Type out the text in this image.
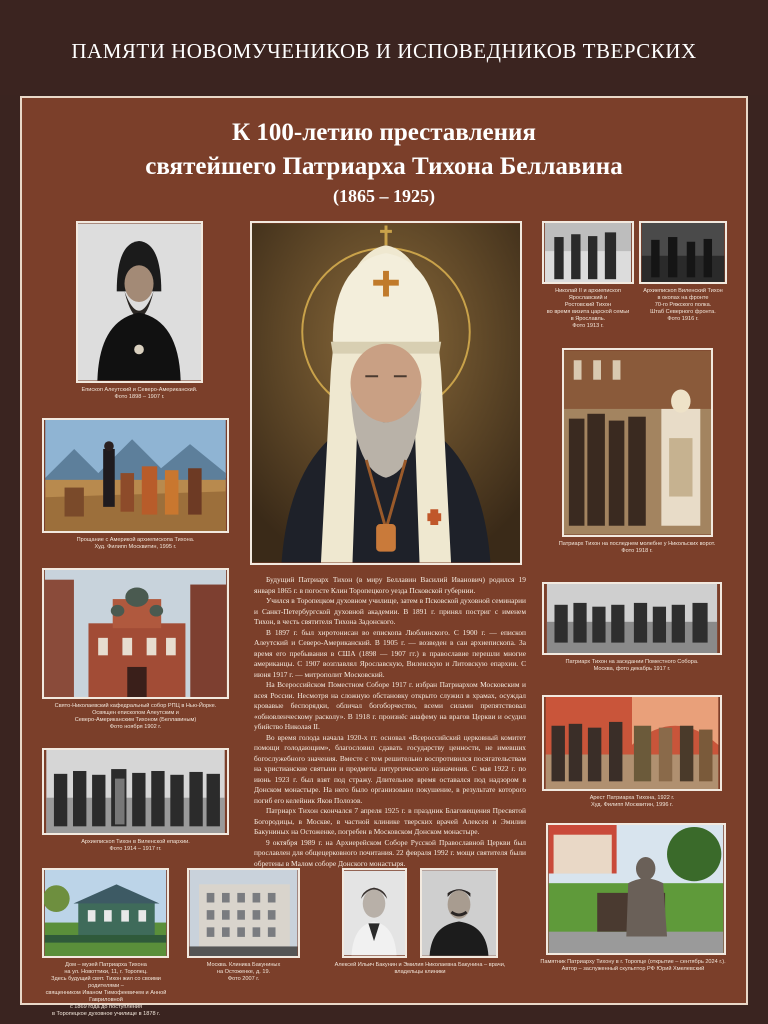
ПАМЯТИ НОВОМУЧЕНИКОВ И ИСПОВЕДНИКОВ ТВЕРСКИХ
К 100-летию преставления
святейшего Патриарха Тихона Беллавина
(1865 – 1925)
Епископ Алеутский и Северо-Американский.
Фото 1898 – 1907 г.
Прощание с Америкой архиепископа Тихона.
Худ. Филипп Москвитин, 1995 г.
Свято-Николаевский кафедральный собор РПЦ в Нью-Йорке.
Освящен епископом Алеутским и
Северо-Американским Тихоном (Беллавиным)
Фото ноября 1902 г.
Архиепископ Тихон в Виленской епархии.
Фото 1914 – 1917 гг.
Дом – музей Патриарха Тихона
на ул. Новоттики, 11, г. Торопец.
Здесь будущий свят. Тихон жил со своими родителями –
священником Иваном Тимофеевичем и Анной Гавриловной
с 1869 года до поступления
в Торопецкое духовное училище в 1878 г.
Москва. Клиника Бакуниных
на Остоженке, д. 19.
Фото 2007 г.
Алексей Ильич Бакунин и Эмилия Николаевна Бакунина – врачи,
владельцы клиники

Будущий Патриарх Тихон (в миру Беллавин Василий Иванович) родился 19 января 1865 г. в погосте Клин Торопецкого уезда Псковской губернии.

Учился в Торопецком духовном училище, затем в Псковской духовной семинарии и Санкт-Петербургской духовной академии. В 1891 г. принял постриг с именем Тихон, в честь святителя Тихона Задонского.

В 1897 г. был хиротонисан во епископа Люблинского. С 1900 г. — епископ Алеутский и Северо-Американский. В 1905 г. — возведен в сан архиепископа. За время его пребывания в США (1898 — 1907 гг.) в православие перешли многие американцы. С 1907 возглавлял Ярославскую, Виленскую и Литовскую епархии. С июня 1917 г. — митрополит Московский.

На Всероссийском Поместном Соборе 1917 г. избран Патриархом Московским и всея России. Несмотря на сложную обстановку открыто служил в храмах, осуждал кровавые беспорядки, обличал богоборчество, всеми силами препятствовал «обновленческому расколу». В 1918 г. произнёс анафему на врагов Церкви и осудил убийство Николая II.

Во время голода начала 1920-х гг. основал «Всероссийский церковный комитет помощи голодающим», благословил сдавать государству ценности, не имевших богослужебного значения. Вместе с тем решительно воспротивился посягательствам на христианские святыни и предметы литургического назначения. С мая 1922 г. по июнь 1923 г. был взят под стражу. Длительное время оставался под надзором в Донском монастыре. На него было организовано покушение, в результате которого погиб его келейник Яков Полозов.

Патриарх Тихон скончался 7 апреля 1925 г. в праздник Благовещения Пресвятой Богородицы, в Москве, в частной клинике тверских врачей Алексея и Эмилии Бакуниных на Остоженке, погребен в Московском Донском монастыре.

9 октября 1989 г. на Архиерейском Соборе Русской Православной Церкви был прославлен для общецерковного почитания. 22 февраля 1992 г. мощи святителя были обретены в Малом соборе Донского монастыря.

Николай II и архиепископ
Ярославский и
Ростовский Тихон
во время визита царской семьи
в Ярославль.
Фото 1913 г.
Архиепископ Виленский Тихон
в окопах на фронте
70-го Ряжского полка.
Штаб Северного фронта.
Фото 1916 г.
Патриарх Тихон на последнем молебне у Никольских ворот.
Фото 1918 г.
Патриарх Тихон на заседании Поместного Собора.
Москва, фото декабрь 1917 г.
Арест Патриарха Тихона, 1922 г.
Худ. Филипп Москвитин, 1996 г.
Памятник Патриарху Тихону в г. Торопце (открытие – сентябрь 2024 г.).
Автор – заслуженный скульптор РФ Юрий Хмелевский
